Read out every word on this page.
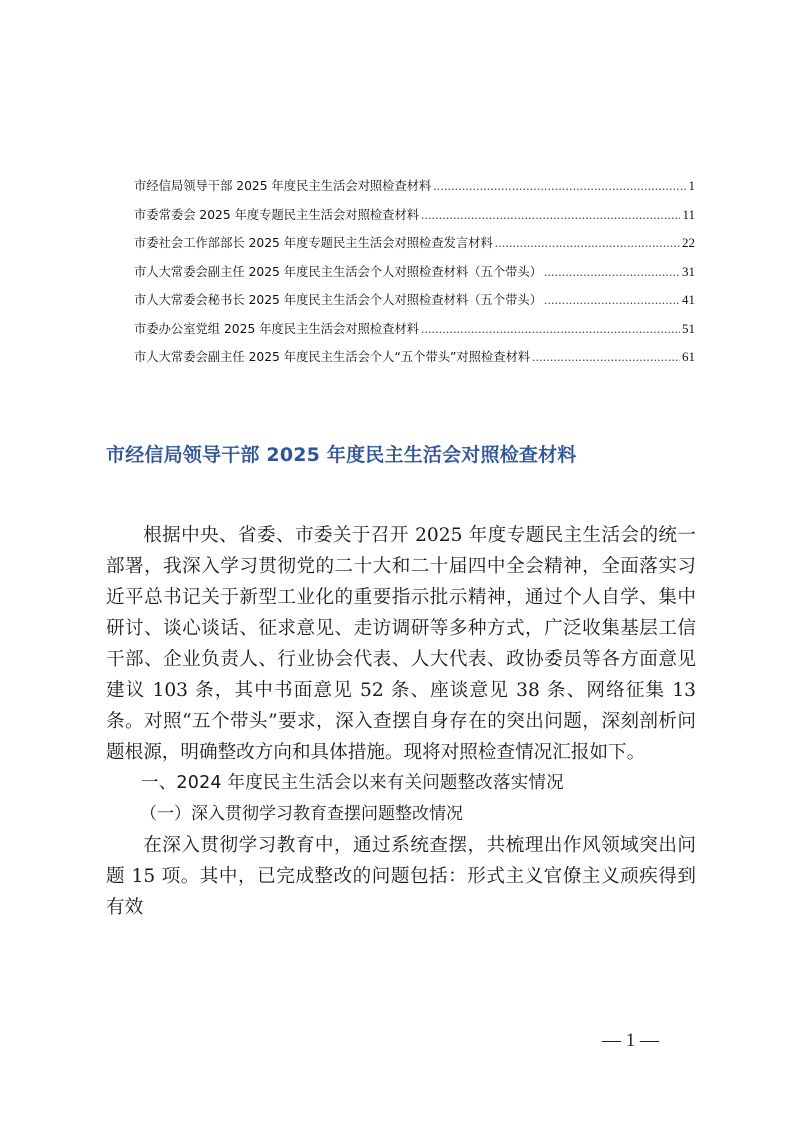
市经信局领导干部 2025 年度民主生活会对照检查材料 .....	1
市委常委会 2025 年度专题民主生活会对照检查材料 .....	11
市委社会工作部部长 2025 年度专题民主生活会对照检查发言材料 .....	22
市人大常委会副主任 2025 年度民主生活会个人对照检查材料（五个带头） .....	31
市人大常委会秘书长 2025 年度民主生活会个人对照检查材料（五个带头） .....	41
市委办公室党组 2025 年度民主生活会对照检查材料 .....	51
市人大常委会副主任 2025 年度民主生活会个人“五个带头”对照检查材料 .....	61
市经信局领导干部 2025 年度民主生活会对照检查材料

根据中央、省委、市委关于召开 2025 年度专题民主生活会的统一部署，我深入学习贯彻党的二十大和二十届四中全会精神，全面落实习近平总书记关于新型工业化的重要指示批示精神，通过个人自学、集中研讨、谈心谈话、征求意见、走访调研等多种方式，广泛收集基层工信干部、企业负责人、行业协会代表、人大代表、政协委员等各方面意见建议 103 条，其中书面意见 52 条、座谈意见 38 条、网络征集 13 条。对照“五个带头”要求，深入查摆自身存在的突出问题，深刻剖析问题根源，明确整改方向和具体措施。现将对照检查情况汇报如下。

一、2024 年度民主生活会以来有关问题整改落实情况

（一）深入贯彻学习教育查摆问题整改情况

在深入贯彻学习教育中，通过系统查摆，共梳理出作风领域突出问题 15 项。其中，已完成整改的问题包括：形式主义官僚主义顽疾得到有效

— 1 —
